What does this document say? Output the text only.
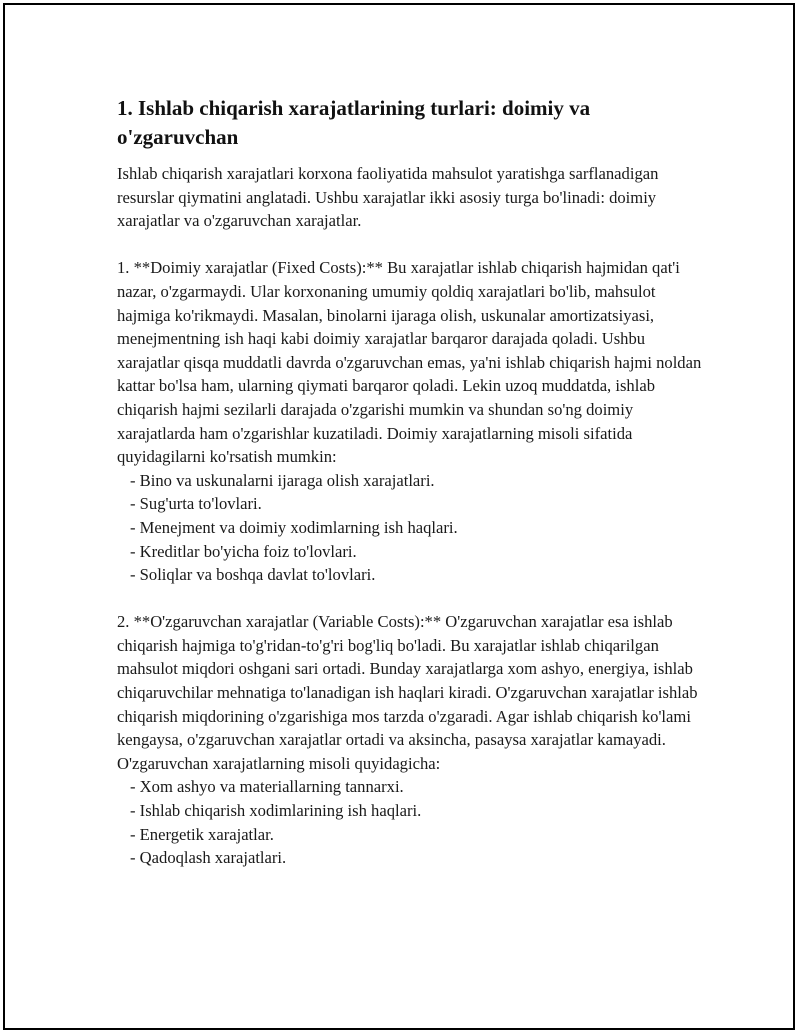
1. Ishlab chiqarish xarajatlarining turlari: doimiy va o'zgaruvchan

Ishlab chiqarish xarajatlari korxona faoliyatida mahsulot yaratishga sarflanadigan resurslar qiymatini anglatadi. Ushbu xarajatlar ikki asosiy turga bo'linadi: doimiy xarajatlar va o'zgaruvchan xarajatlar.

1. **Doimiy xarajatlar (Fixed Costs):** Bu xarajatlar ishlab chiqarish hajmidan qat'i nazar, o'zgarmaydi. Ular korxonaning umumiy qoldiq xarajatlari bo'lib, mahsulot hajmiga ko'rikmaydi. Masalan, binolarni ijaraga olish, uskunalar amortizatsiyasi, menejmentning ish haqi kabi doimiy xarajatlar barqaror darajada qoladi. Ushbu xarajatlar qisqa muddatli davrda o'zgaruvchan emas, ya'ni ishlab chiqarish hajmi noldan kattar bo'lsa ham, ularning qiymati barqaror qoladi. Lekin uzoq muddatda, ishlab chiqarish hajmi sezilarli darajada o'zgarishi mumkin va shundan so'ng doimiy xarajatlarda ham o'zgarishlar kuzatiladi. Doimiy xarajatlarning misoli sifatida quyidagilarni ko'rsatish mumkin:

- Bino va uskunalarni ijaraga olish xarajatlari.
- Sug'urta to'lovlari.
- Menejment va doimiy xodimlarning ish haqlari.
- Kreditlar bo'yicha foiz to'lovlari.
- Soliqlar va boshqa davlat to'lovlari.

2. **O'zgaruvchan xarajatlar (Variable Costs):** O'zgaruvchan xarajatlar esa ishlab chiqarish hajmiga to'g'ridan-to'g'ri bog'liq bo'ladi. Bu xarajatlar ishlab chiqarilgan mahsulot miqdori oshgani sari ortadi. Bunday xarajatlarga xom ashyo, energiya, ishlab chiqaruvchilar mehnatiga to'lanadigan ish haqlari kiradi. O'zgaruvchan xarajatlar ishlab chiqarish miqdorining o'zgarishiga mos tarzda o'zgaradi. Agar ishlab chiqarish ko'lami kengaysa, o'zgaruvchan xarajatlar ortadi va aksincha, pasaysa xarajatlar kamayadi. O'zgaruvchan xarajatlarning misoli quyidagicha:

- Xom ashyo va materiallarning tannarxi.
- Ishlab chiqarish xodimlarining ish haqlari.
- Energetik xarajatlar.
- Qadoqlash xarajatlari.
